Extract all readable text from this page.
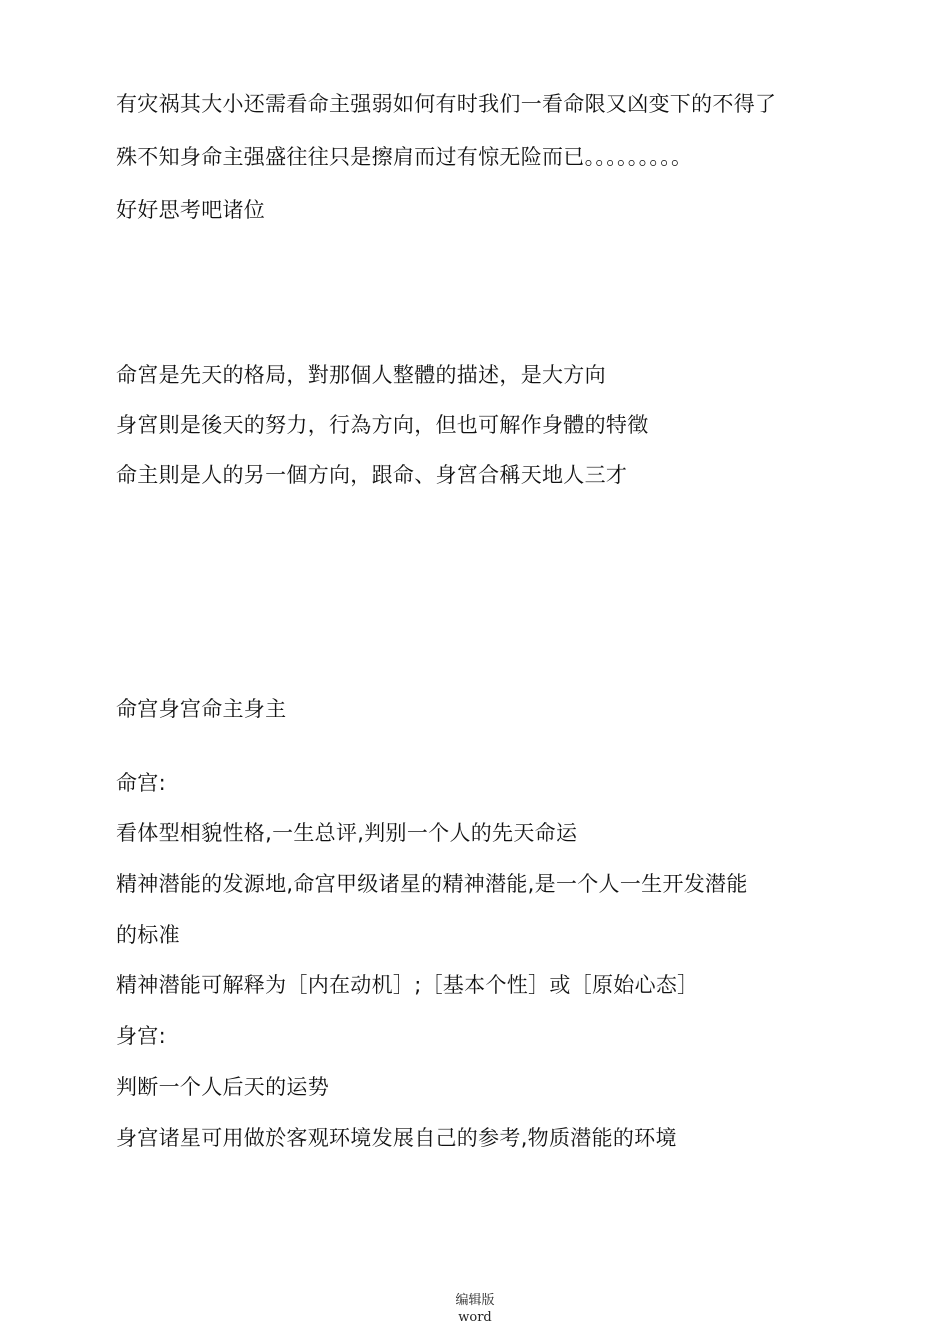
有灾祸其大小还需看命主强弱如何有时我们一看命限又凶变下的不得了
殊不知身命主强盛往往只是擦肩而过有惊无险而已。。。。。。。。。
好好思考吧诸位
命宮是先天的格局，對那個人整體的描述，是大方向
身宮則是後天的努力，行為方向，但也可解作身體的特徵
命主則是人的另一個方向，跟命、身宮合稱天地人三才
命宫身宫命主身主
命宫:
看体型相貌性格,一生总评,判别一个人的先天命运
精神潜能的发源地,命宫甲级诸星的精神潜能,是一个人一生开发潜能
的标准
精神潜能可解释为［内在动机］;［基本个性］或［原始心态］
身宫:
判断一个人后天的运势
身宫诸星可用做於客观环境发展自己的参考,物质潜能的环境
编辑版
word
